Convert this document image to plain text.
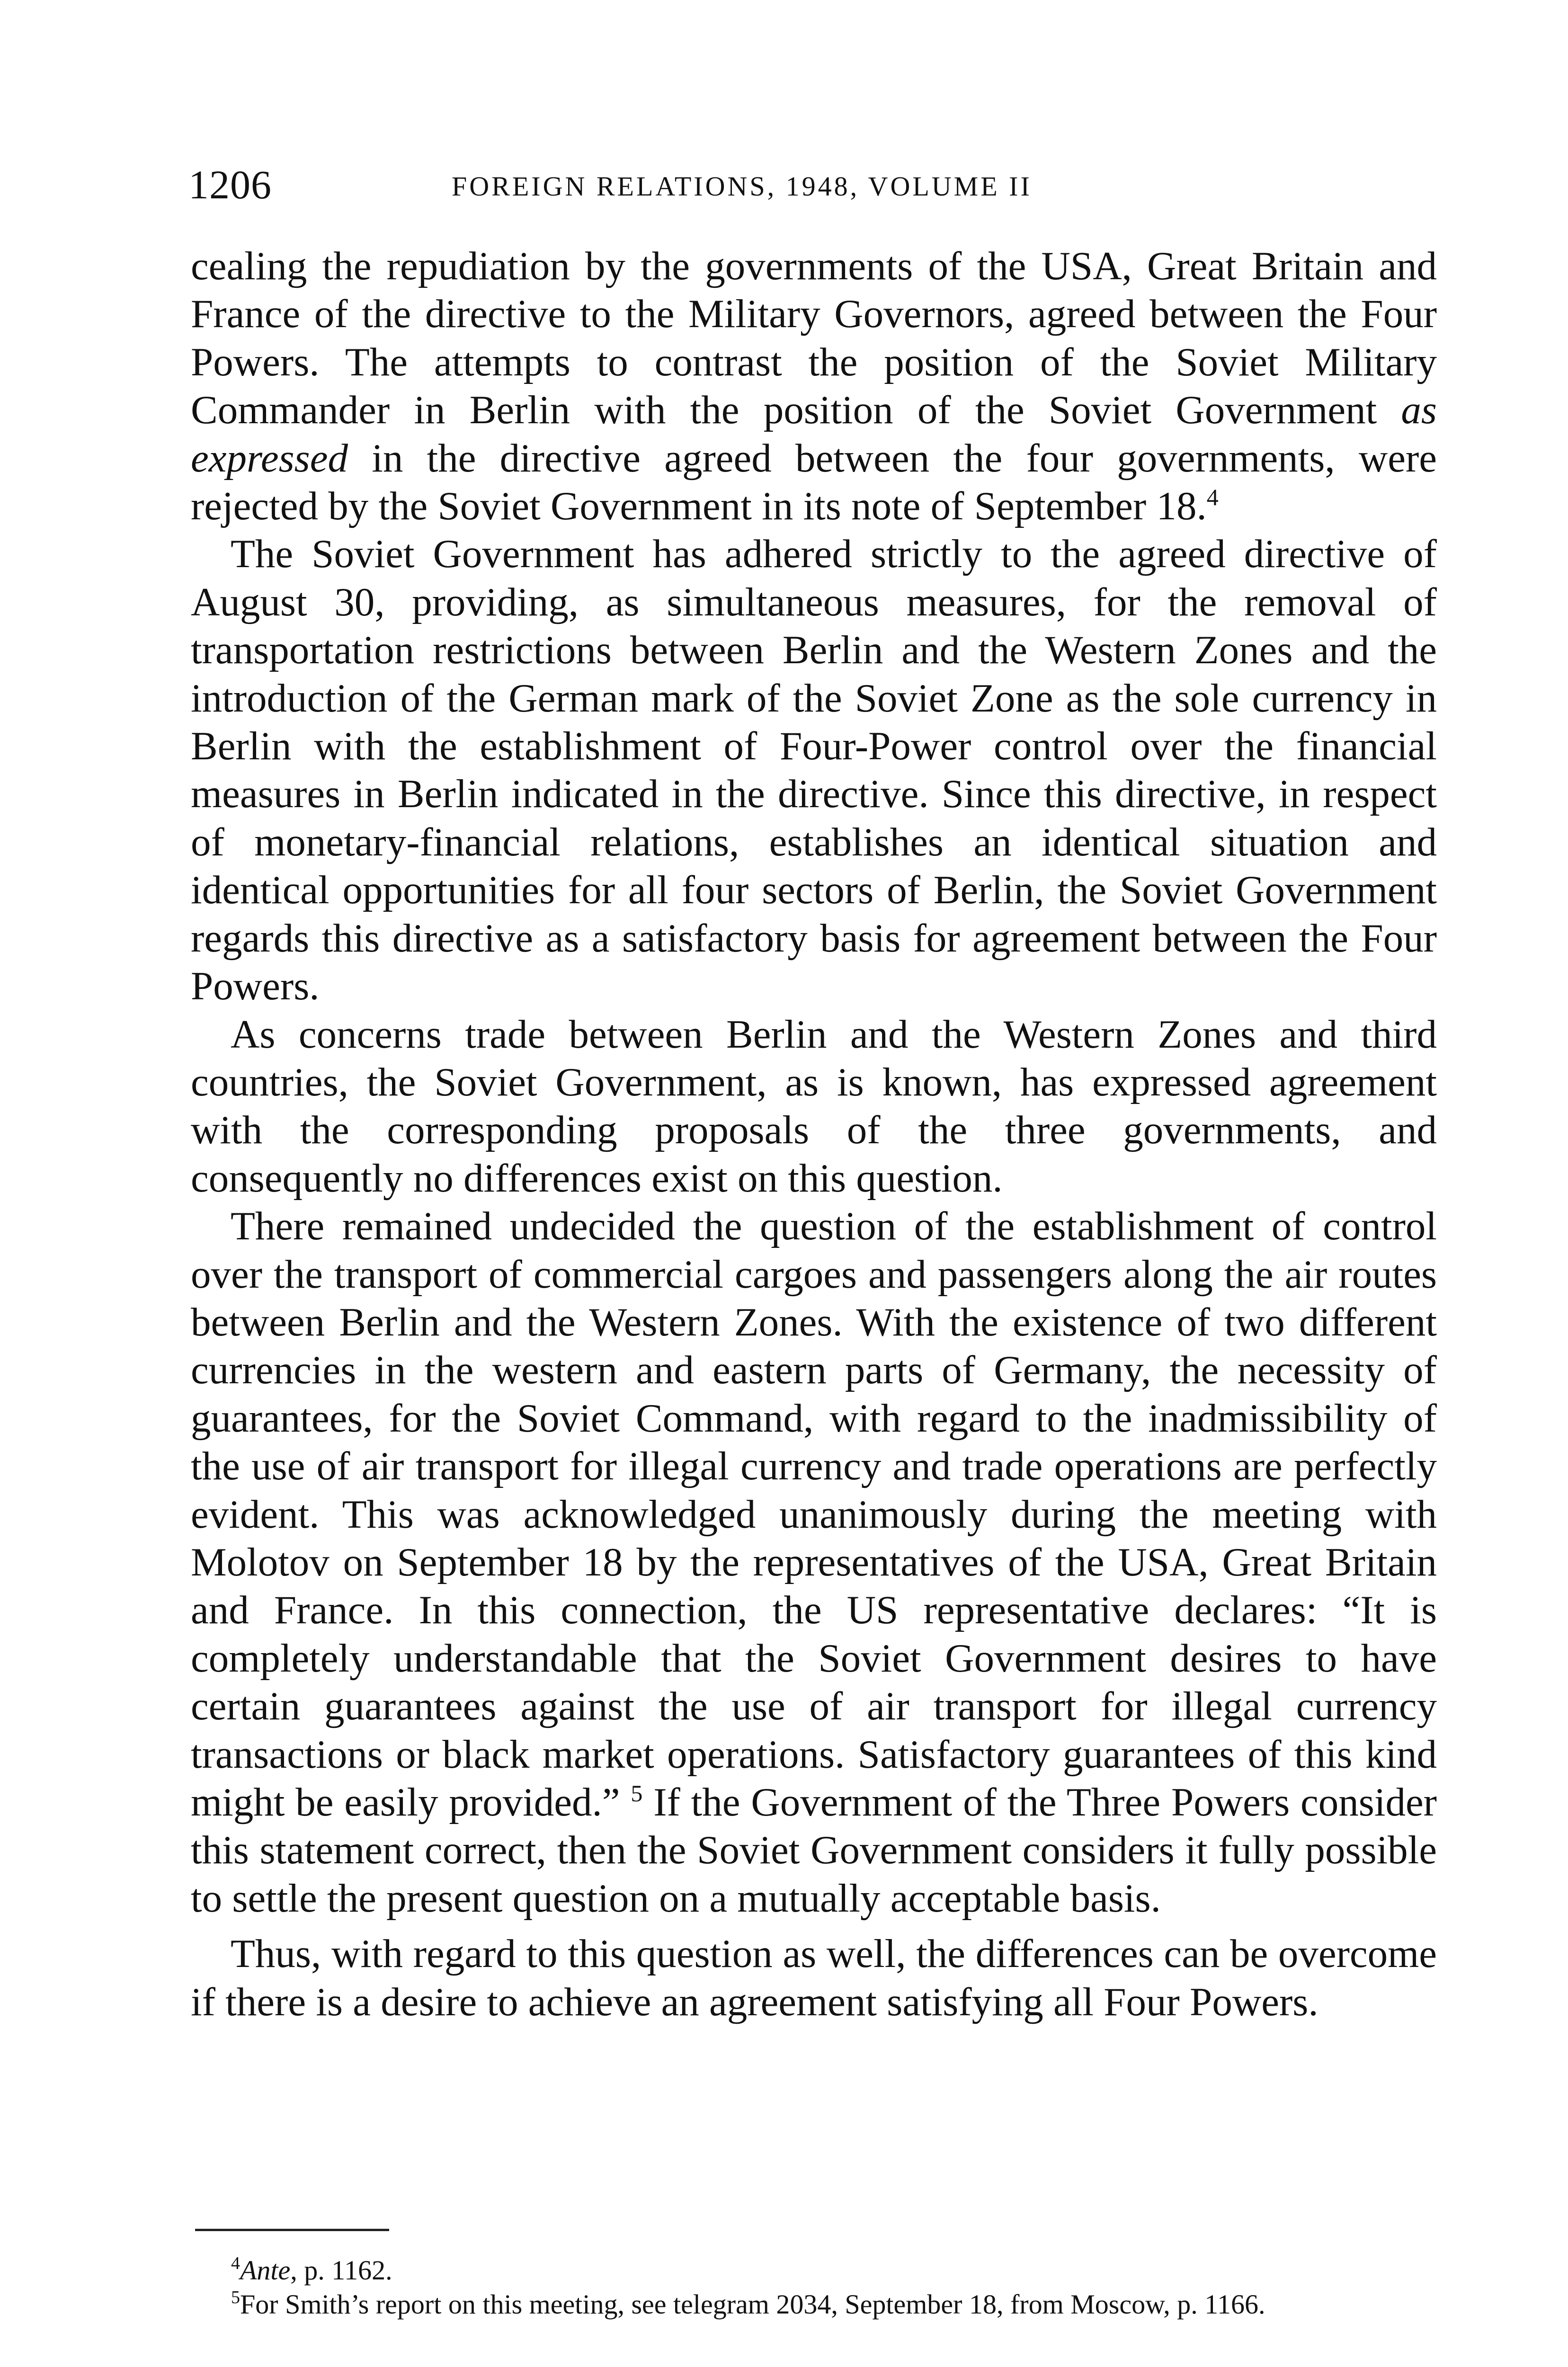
1206	FOREIGN RELATIONS, 1948, VOLUME II

cealing the repudiation by the governments of the USA, Great Britain and France of the directive to the Military Governors, agreed between the Four Powers. The attempts to contrast the position of the Soviet Military Commander in Berlin with the position of the Soviet Government as expressed in the directive agreed between the four governments, were rejected by the Soviet Government in its note of September 18.$^4$

The Soviet Government has adhered strictly to the agreed directive of August 30, providing, as simultaneous measures, for the removal of transportation restrictions between Berlin and the Western Zones and the introduction of the German mark of the Soviet Zone as the sole currency in Berlin with the establishment of Four-Power control over the financial measures in Berlin indicated in the directive. Since this directive, in respect of monetary-financial relations, establishes an identical situation and identical opportunities for all four sectors of Berlin, the Soviet Government regards this directive as a satisfactory basis for agreement between the Four Powers.

As concerns trade between Berlin and the Western Zones and third countries, the Soviet Government, as is known, has expressed agreement with the corresponding proposals of the three governments, and consequently no differences exist on this question.

There remained undecided the question of the establishment of control over the transport of commercial cargoes and passengers along the air routes between Berlin and the Western Zones. With the existence of two different currencies in the western and eastern parts of Germany, the necessity of guarantees, for the Soviet Command, with regard to the inadmissibility of the use of air transport for illegal currency and trade operations are perfectly evident. This was acknowledged unanimously during the meeting with Molotov on September 18 by the representatives of the USA, Great Britain and France. In this connection, the US representative declares: “It is completely understandable that the Soviet Government desires to have certain guarantees against the use of air transport for illegal currency transactions or black market operations. Satisfactory guarantees of this kind might be easily provided.” $^5$ If the Government of the Three Powers consider this statement correct, then the Soviet Government considers it fully possible to settle the present question on a mutually acceptable basis.

Thus, with regard to this question as well, the differences can be overcome if there is a desire to achieve an agreement satisfying all Four Powers.

$^4$Ante, p. 1162.

$^5$For Smith’s report on this meeting, see telegram 2034, September 18, from Moscow, p. 1166.
